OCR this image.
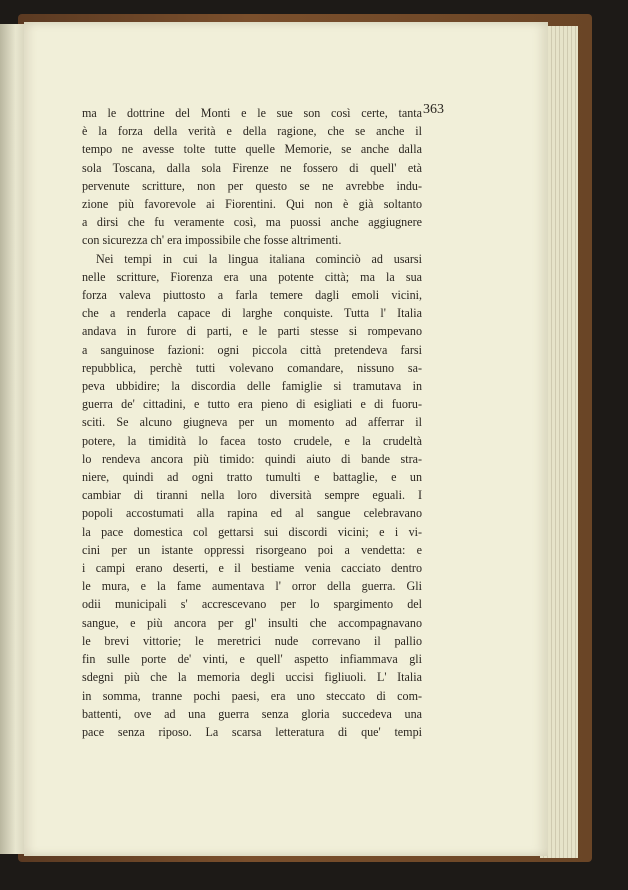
363
ma le dottrine del Monti e le sue son così certe, tanta
è la forza della verità e della ragione, che se anche il
tempo ne avesse tolte tutte quelle Memorie, se anche dalla
sola Toscana, dalla sola Firenze ne fossero di quell' età
pervenute scritture, non per questo se ne avrebbe indu-
zione più favorevole ai Fiorentini. Qui non è già soltanto
a dirsi che fu veramente così, ma puossi anche aggiugnere
con sicurezza ch' era impossibile che fosse altrimenti.
Nei tempi in cui la lingua italiana cominciò ad usarsi
nelle scritture, Fiorenza era una potente città; ma la sua
forza valeva piuttosto a farla temere dagli emoli vicini,
che a renderla capace di larghe conquiste. Tutta l' Italia
andava in furore di parti, e le parti stesse si rompevano
a sanguinose fazioni: ogni piccola città pretendeva farsi
repubblica, perchè tutti volevano comandare, nissuno sa-
peva ubbidire; la discordia delle famiglie si tramutava in
guerra de' cittadini, e tutto era pieno di esigliati e di fuoru-
sciti. Se alcuno giugneva per un momento ad afferrar il
potere, la timidità lo facea tosto crudele, e la crudeltà
lo rendeva ancora più timido: quindi aiuto di bande stra-
niere, quindi ad ogni tratto tumulti e battaglie, e un
cambiar di tiranni nella loro diversità sempre eguali. I
popoli accostumati alla rapina ed al sangue celebravano
la pace domestica col gettarsi sui discordi vicini; e i vi-
cini per un istante oppressi risorgeano poi a vendetta: e
i campi erano deserti, e il bestiame venia cacciato dentro
le mura, e la fame aumentava l' orror della guerra. Gli
odii municipali s' accrescevano per lo spargimento del
sangue, e più ancora per gl' insulti che accompagnavano
le brevi vittorie; le meretrici nude correvano il pallio
fin sulle porte de' vinti, e quell' aspetto infiammava gli
sdegni più che la memoria degli uccisi figliuoli. L' Italia
in somma, tranne pochi paesi, era uno steccato di com-
battenti, ove ad una guerra senza gloria succedeva una
pace senza riposo. La scarsa letteratura di que' tempi
